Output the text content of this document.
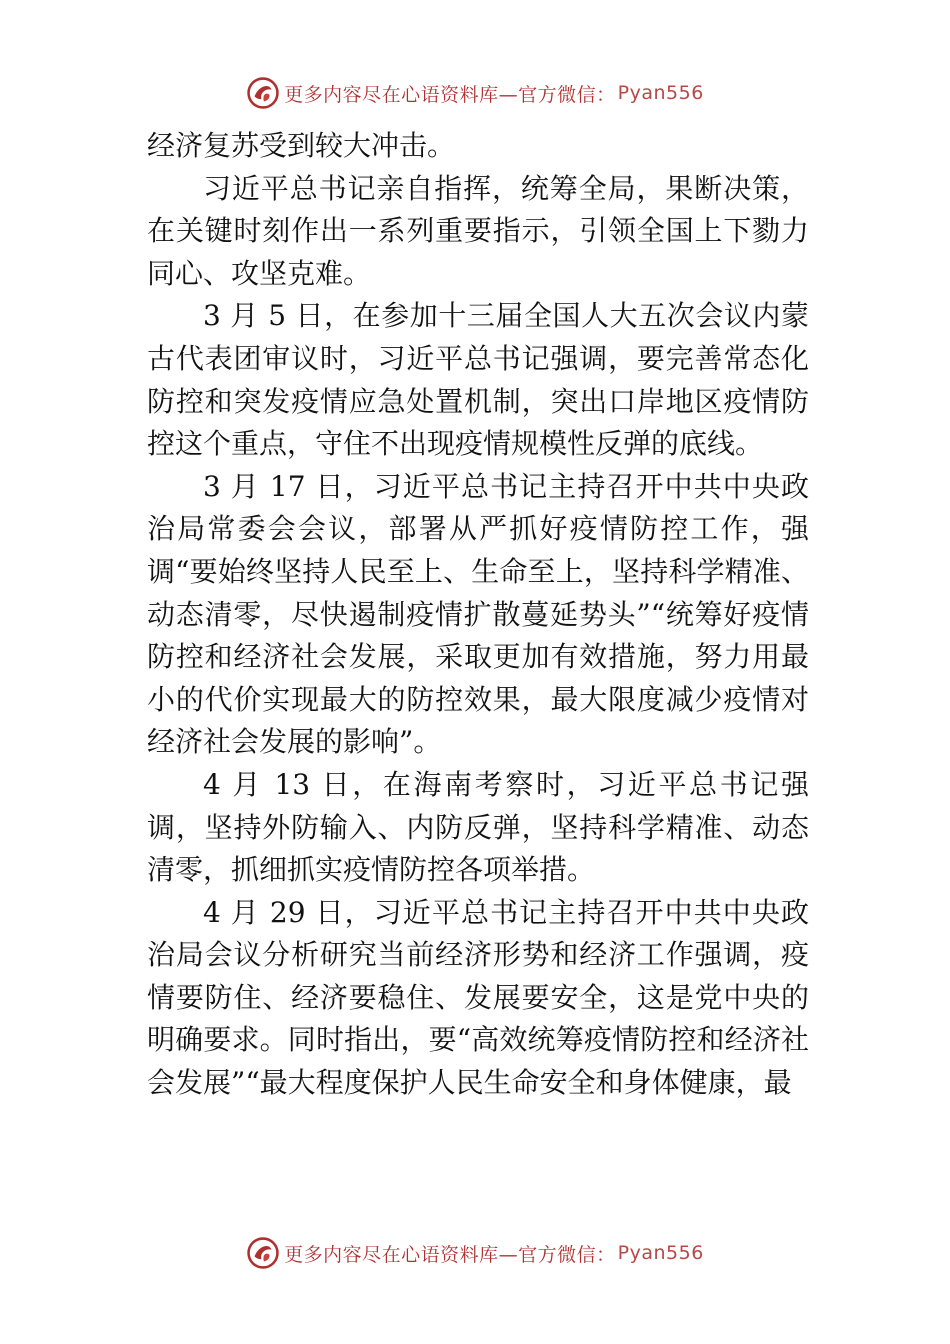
更多内容尽在心语资料库—官方微信： Pyan556

经济复苏受到较大冲击。

习近平总书记亲自指挥，统筹全局，果断决策，在关键时刻作出一系列重要指示，引领全国上下勠力同心、攻坚克难。

3 月 5 日，在参加十三届全国人大五次会议内蒙古代表团审议时，习近平总书记强调，要完善常态化防控和突发疫情应急处置机制，突出口岸地区疫情防控这个重点，守住不出现疫情规模性反弹的底线。

3 月 17 日，习近平总书记主持召开中共中央政治局常委会会议，部署从严抓好疫情防控工作，强调“要始终坚持人民至上、生命至上，坚持科学精准、动态清零，尽快遏制疫情扩散蔓延势头”“统筹好疫情防控和经济社会发展，采取更加有效措施，努力用最小的代价实现最大的防控效果，最大限度减少疫情对经济社会发展的影响”。

4 月 13 日，在海南考察时，习近平总书记强调，坚持外防输入、内防反弹，坚持科学精准、动态清零，抓细抓实疫情防控各项举措。

4 月 29 日，习近平总书记主持召开中共中央政治局会议分析研究当前经济形势和经济工作强调，疫情要防住、经济要稳住、发展要安全，这是党中央的明确要求。同时指出，要“高效统筹疫情防控和经济社会发展”“最大程度保护人民生命安全和身体健康，最

更多内容尽在心语资料库—官方微信： Pyan556
